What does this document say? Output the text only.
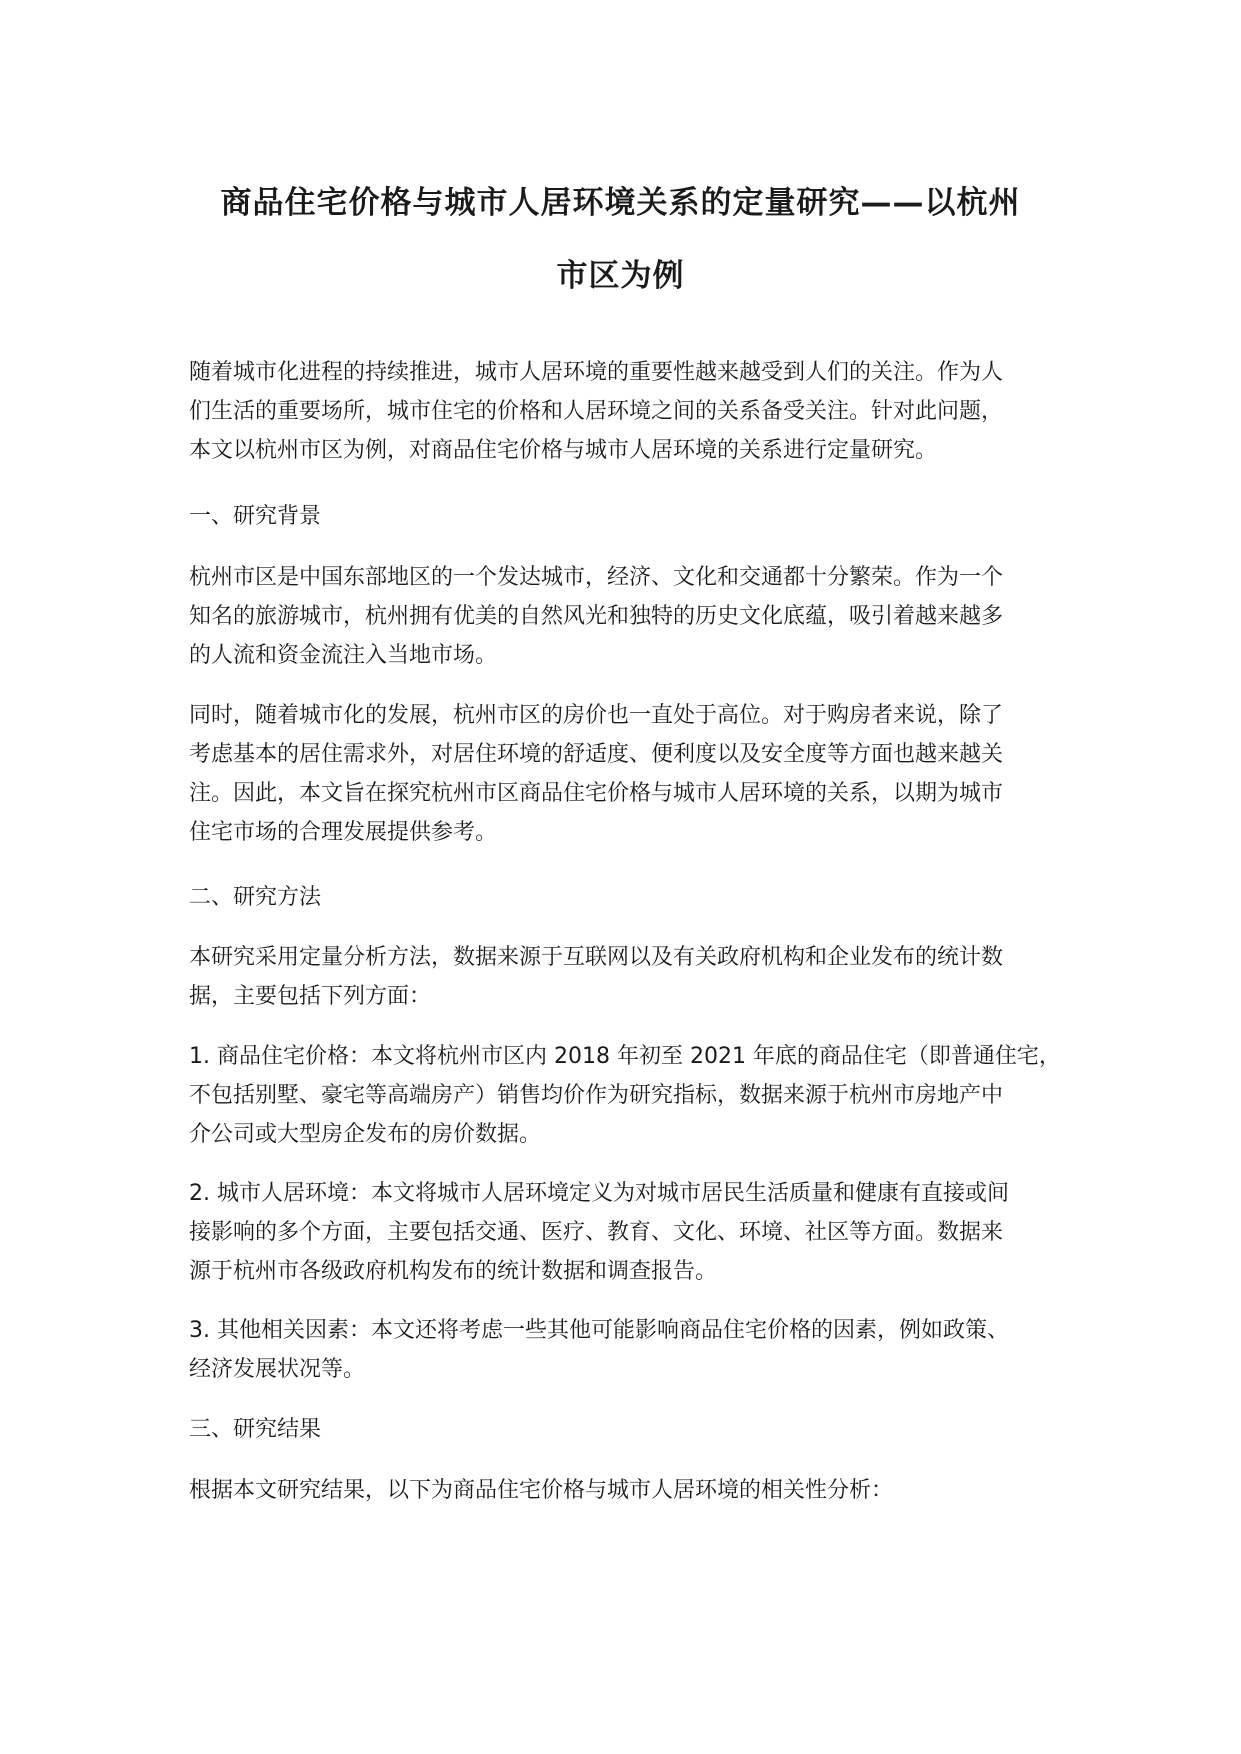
商品住宅价格与城市人居环境关系的定量研究——以杭州
市区为例
随着城市化进程的持续推进，城市人居环境的重要性越来越受到人们的关注。作为人
们生活的重要场所，城市住宅的价格和人居环境之间的关系备受关注。针对此问题，
本文以杭州市区为例，对商品住宅价格与城市人居环境的关系进行定量研究。
一、研究背景
杭州市区是中国东部地区的一个发达城市，经济、文化和交通都十分繁荣。作为一个
知名的旅游城市，杭州拥有优美的自然风光和独特的历史文化底蕴，吸引着越来越多
的人流和资金流注入当地市场。
同时，随着城市化的发展，杭州市区的房价也一直处于高位。对于购房者来说，除了
考虑基本的居住需求外，对居住环境的舒适度、便利度以及安全度等方面也越来越关
注。因此，本文旨在探究杭州市区商品住宅价格与城市人居环境的关系，以期为城市
住宅市场的合理发展提供参考。
二、研究方法
本研究采用定量分析方法，数据来源于互联网以及有关政府机构和企业发布的统计数
据，主要包括下列方面：
1. 商品住宅价格：本文将杭州市区内 2018 年初至 2021 年底的商品住宅（即普通住宅，
不包括别墅、豪宅等高端房产）销售均价作为研究指标，数据来源于杭州市房地产中
介公司或大型房企发布的房价数据。
2. 城市人居环境：本文将城市人居环境定义为对城市居民生活质量和健康有直接或间
接影响的多个方面，主要包括交通、医疗、教育、文化、环境、社区等方面。数据来
源于杭州市各级政府机构发布的统计数据和调查报告。
3. 其他相关因素：本文还将考虑一些其他可能影响商品住宅价格的因素，例如政策、
经济发展状况等。
三、研究结果
根据本文研究结果，以下为商品住宅价格与城市人居环境的相关性分析：
